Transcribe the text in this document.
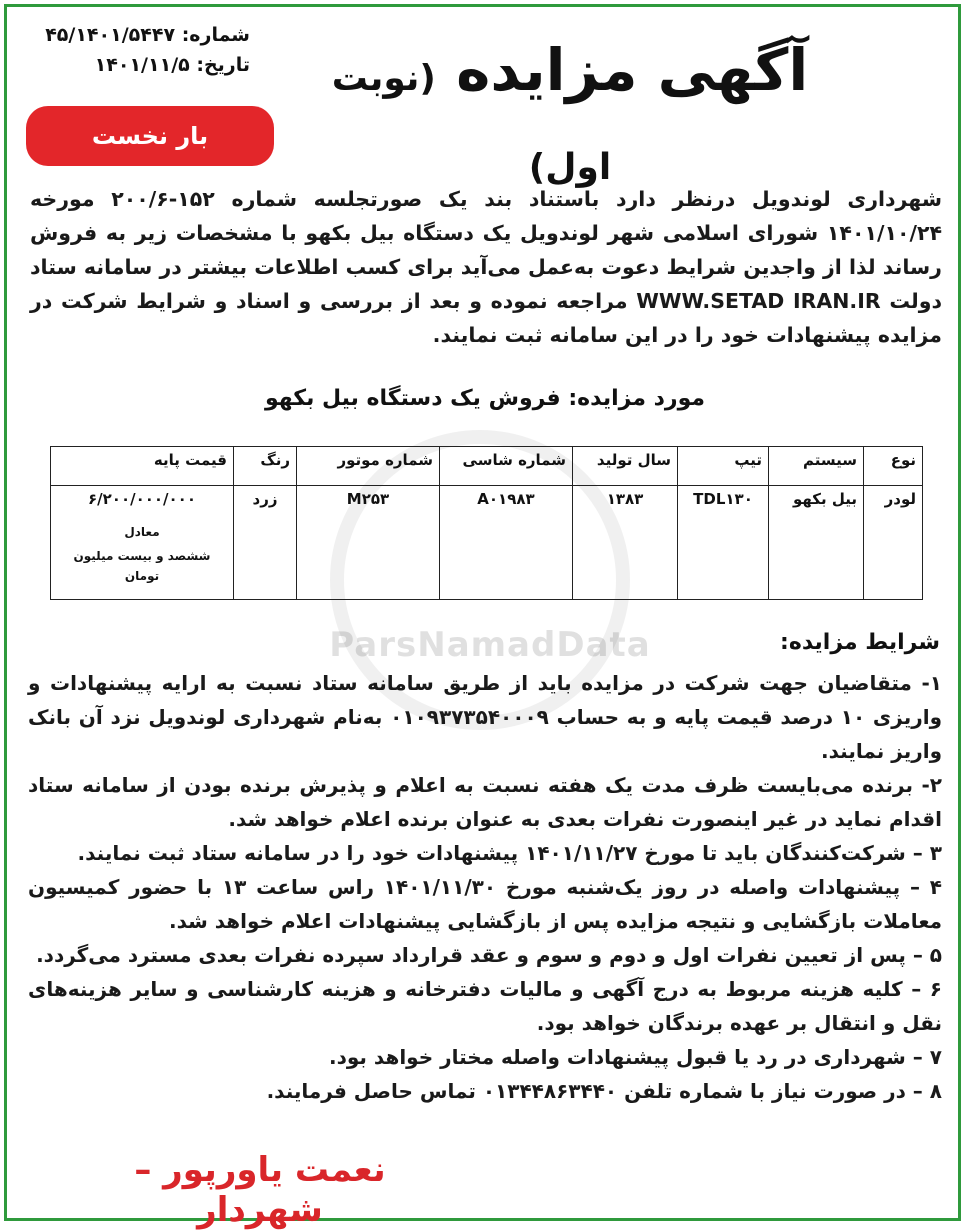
شماره: ۴۵/۱۴۰۱/۵۴۴۷
تاریخ: ۱۴۰۱/۱۱/۵	آگهی مزایده (نوبت اول)
بار نخست
شهرداری لوندویل درنظر دارد باستناد بند یک صورتجلسه شماره ۱۵۲-۲۰۰/۶ مورخه ۱۴۰۱/۱۰/۲۴ شورای اسلامی شهر لوندویل یک دستگاه بیل بکهو با مشخصات زیر به فروش رساند لذا از واجدین شرایط دعوت به‌عمل می‌آید برای کسب اطلاعات بیشتر در سامانه ستاد دولت WWW.SETAD IRAN.IR مراجعه نموده و بعد از بررسی و اسناد و شرایط شرکت در مزایده پیشنهادات خود را در این سامانه ثبت نمایند.
مورد مزایده: فروش یک دستگاه بیل بکهو
نوع	سیستم	تیپ	سال تولید	شماره شاسی	شماره موتور	رنگ	قیمت پایه
لودر	بیل بکهو	TDL۱۳۰	۱۳۸۳	A۰۱۹۸۳	M۲۵۳	زرد	۶/۲۰۰/۰۰۰/۰۰۰
معادل
ششصد و بیست میلیون تومان
شرایط مزایده:

۱- متقاضیان جهت شرکت در مزایده باید از طریق سامانه ستاد نسبت به ارایه پیشنهادات و واریزی ۱۰ درصد قیمت پایه و به حساب ۰۱۰۹۳۷۳۵۴۰۰۰۹ به‌نام شهرداری لوندویل نزد آن بانک واریز نمایند.

۲- برنده می‌بایست ظرف مدت یک هفته نسبت به اعلام و پذیرش برنده بودن از سامانه ستاد اقدام نماید در غیر اینصورت نفرات بعدی به عنوان برنده اعلام خواهد شد.

۳ – شرکت‌کنندگان باید تا مورخ ۱۴۰۱/۱۱/۲۷ پیشنهادات خود را در سامانه ستاد ثبت نمایند.

۴ – پیشنهادات واصله در روز یک‌شنبه مورخ ۱۴۰۱/۱۱/۳۰ راس ساعت ۱۳ با حضور کمیسیون معاملات بازگشایی و نتیجه مزایده پس از بازگشایی پیشنهادات اعلام خواهد شد.

۵ – پس از تعیین نفرات اول و دوم و سوم و عقد قرارداد سپرده نفرات بعدی مسترد می‌گردد.

۶ – کلیه هزینه مربوط به درج آگهی و مالیات دفترخانه و هزینه کارشناسی و سایر هزینه‌های نقل و انتقال بر عهده برندگان خواهد بود.

۷ – شهرداری در رد یا قبول پیشنهادات واصله مختار خواهد بود.

۸ – در صورت نیاز با شماره تلفن ۰۱۳۴۴۸۶۳۴۴۰ تماس حاصل فرمایند.

نعمت یاورپور – شهردار
